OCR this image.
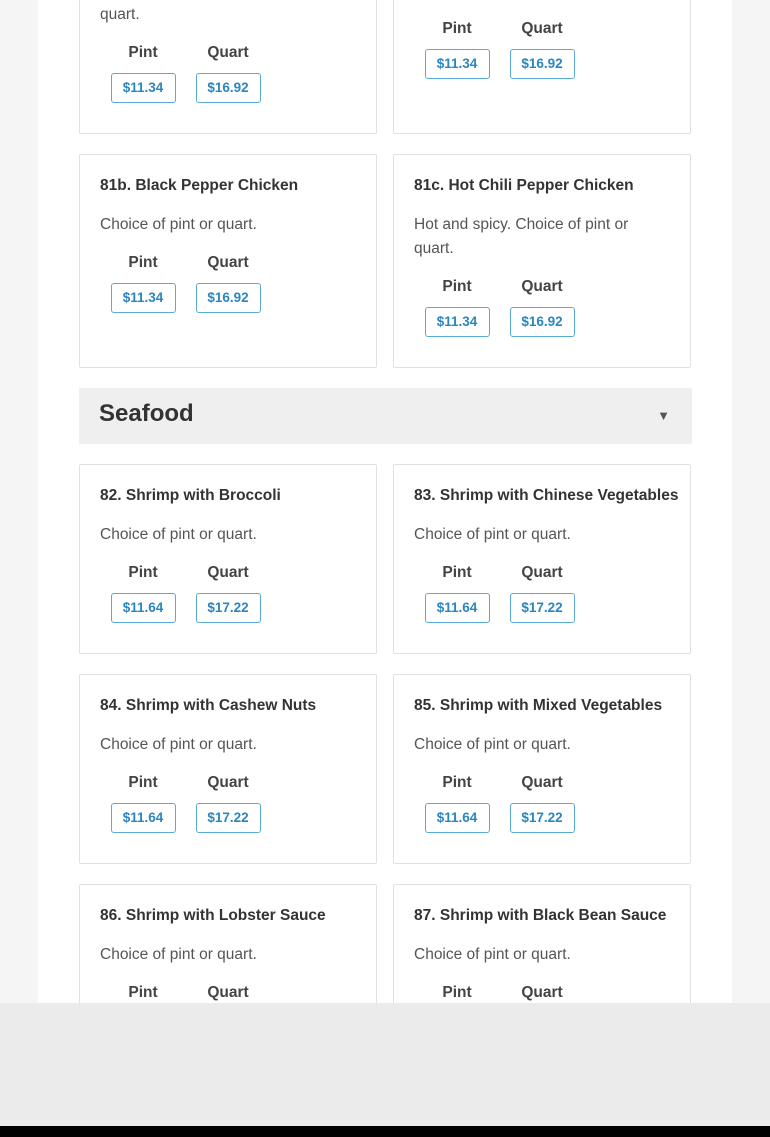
quart.
Pint
$11.34
Quart
$16.92
Pint
$11.34
Quart
$16.92
81b. Black Pepper Chicken
Choice of pint or quart.
Pint
$11.34
Quart
$16.92
81c. Hot Chili Pepper Chicken
Hot and spicy. Choice of pint or quart.
Pint
$11.34
Quart
$16.92
Seafood	▼
82. Shrimp with Broccoli
Choice of pint or quart.
Pint
$11.64
Quart
$17.22
83. Shrimp with Chinese Vegetables
Choice of pint or quart.
Pint
$11.64
Quart
$17.22
84. Shrimp with Cashew Nuts
Choice of pint or quart.
Pint
$11.64
Quart
$17.22
85. Shrimp with Mixed Vegetables
Choice of pint or quart.
Pint
$11.64
Quart
$17.22
86. Shrimp with Lobster Sauce
Choice of pint or quart.
Pint	Quart
87. Shrimp with Black Bean Sauce
Choice of pint or quart.
Pint	Quart
